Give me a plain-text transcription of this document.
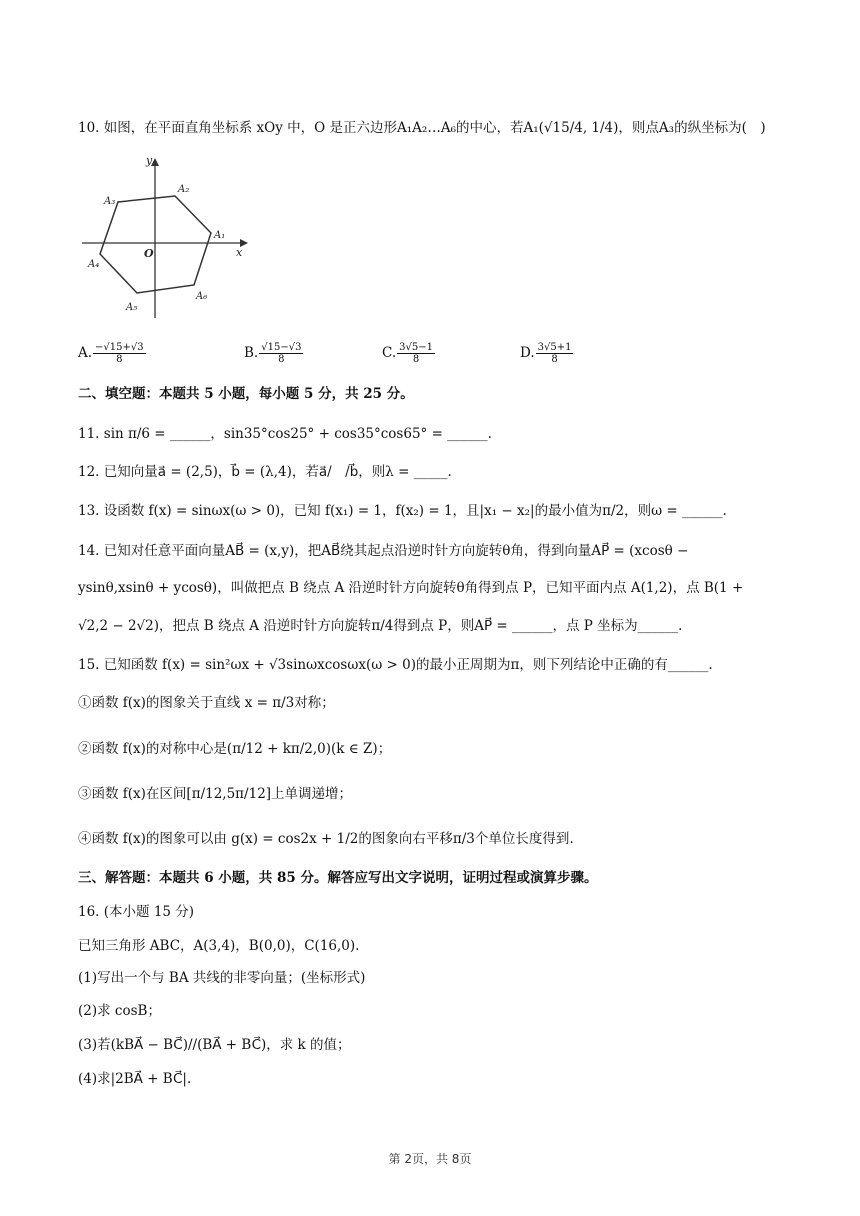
10. 如图，在平面直角坐标系 xOy 中，O 是正六边形A₁A₂…A₆的中心，若A₁(√15/4, 1/4)，则点A₃的纵坐标为(　)
y
x
O
A₁
A₂
A₃
A₄
A₅
A₆
A. $\frac{-√15+√3}{8}$	B. $\frac{√15-√3}{8}$	C. $\frac{3√5-1}{8}$	D. $\frac{3√5+1}{8}$
二、填空题：本题共 5 小题，每小题 5 分，共 25 分。
11. sin π/6 = ______，sin35°cos25° + cos35°cos65° = ______.
12. 已知向量a⃗ = (2,5)，b⃗ = (λ,4)，若a⃗/　/b⃗，则λ = _____.
13. 设函数 f(x) = sinωx(ω > 0)，已知 f(x₁) = 1，f(x₂) = 1，且|x₁ − x₂|的最小值为π/2，则ω = ______.
14. 已知对任意平面向量AB⃗ = (x,y)，把AB⃗绕其起点沿逆时针方向旋转θ角，得到向量AP⃗ = (xcosθ −
ysinθ,xsinθ + ycosθ)，叫做把点 B 绕点 A 沿逆时针方向旋转θ角得到点 P，已知平面内点 A(1,2)，点 B(1 +
√2,2 − 2√2)，把点 B 绕点 A 沿逆时针方向旋转π/4得到点 P，则AP⃗ = ______，点 P 坐标为______.
15. 已知函数 f(x) = sin²ωx + √3sinωxcosωx(ω > 0)的最小正周期为π，则下列结论中正确的有______.
①函数 f(x)的图象关于直线 x = π/3对称；
②函数 f(x)的对称中心是(π/12 + kπ/2,0)(k ∈ Z)；
③函数 f(x)在区间[π/12,5π/12]上单调递增；
④函数 f(x)的图象可以由 g(x) = cos2x + 1/2的图象向右平移π/3个单位长度得到.
三、解答题：本题共 6 小题，共 85 分。解答应写出文字说明，证明过程或演算步骤。
16. (本小题 15 分)
已知三角形 ABC，A(3,4)，B(0,0)，C(16,0).
(1)写出一个与 BA 共线的非零向量；(坐标形式)
(2)求 cosB；
(3)若(kBA⃗ − BC⃗)//(BA⃗ + BC⃗)，求 k 的值；
(4)求|2BA⃗ + BC⃗|.
第 2页，共 8页
